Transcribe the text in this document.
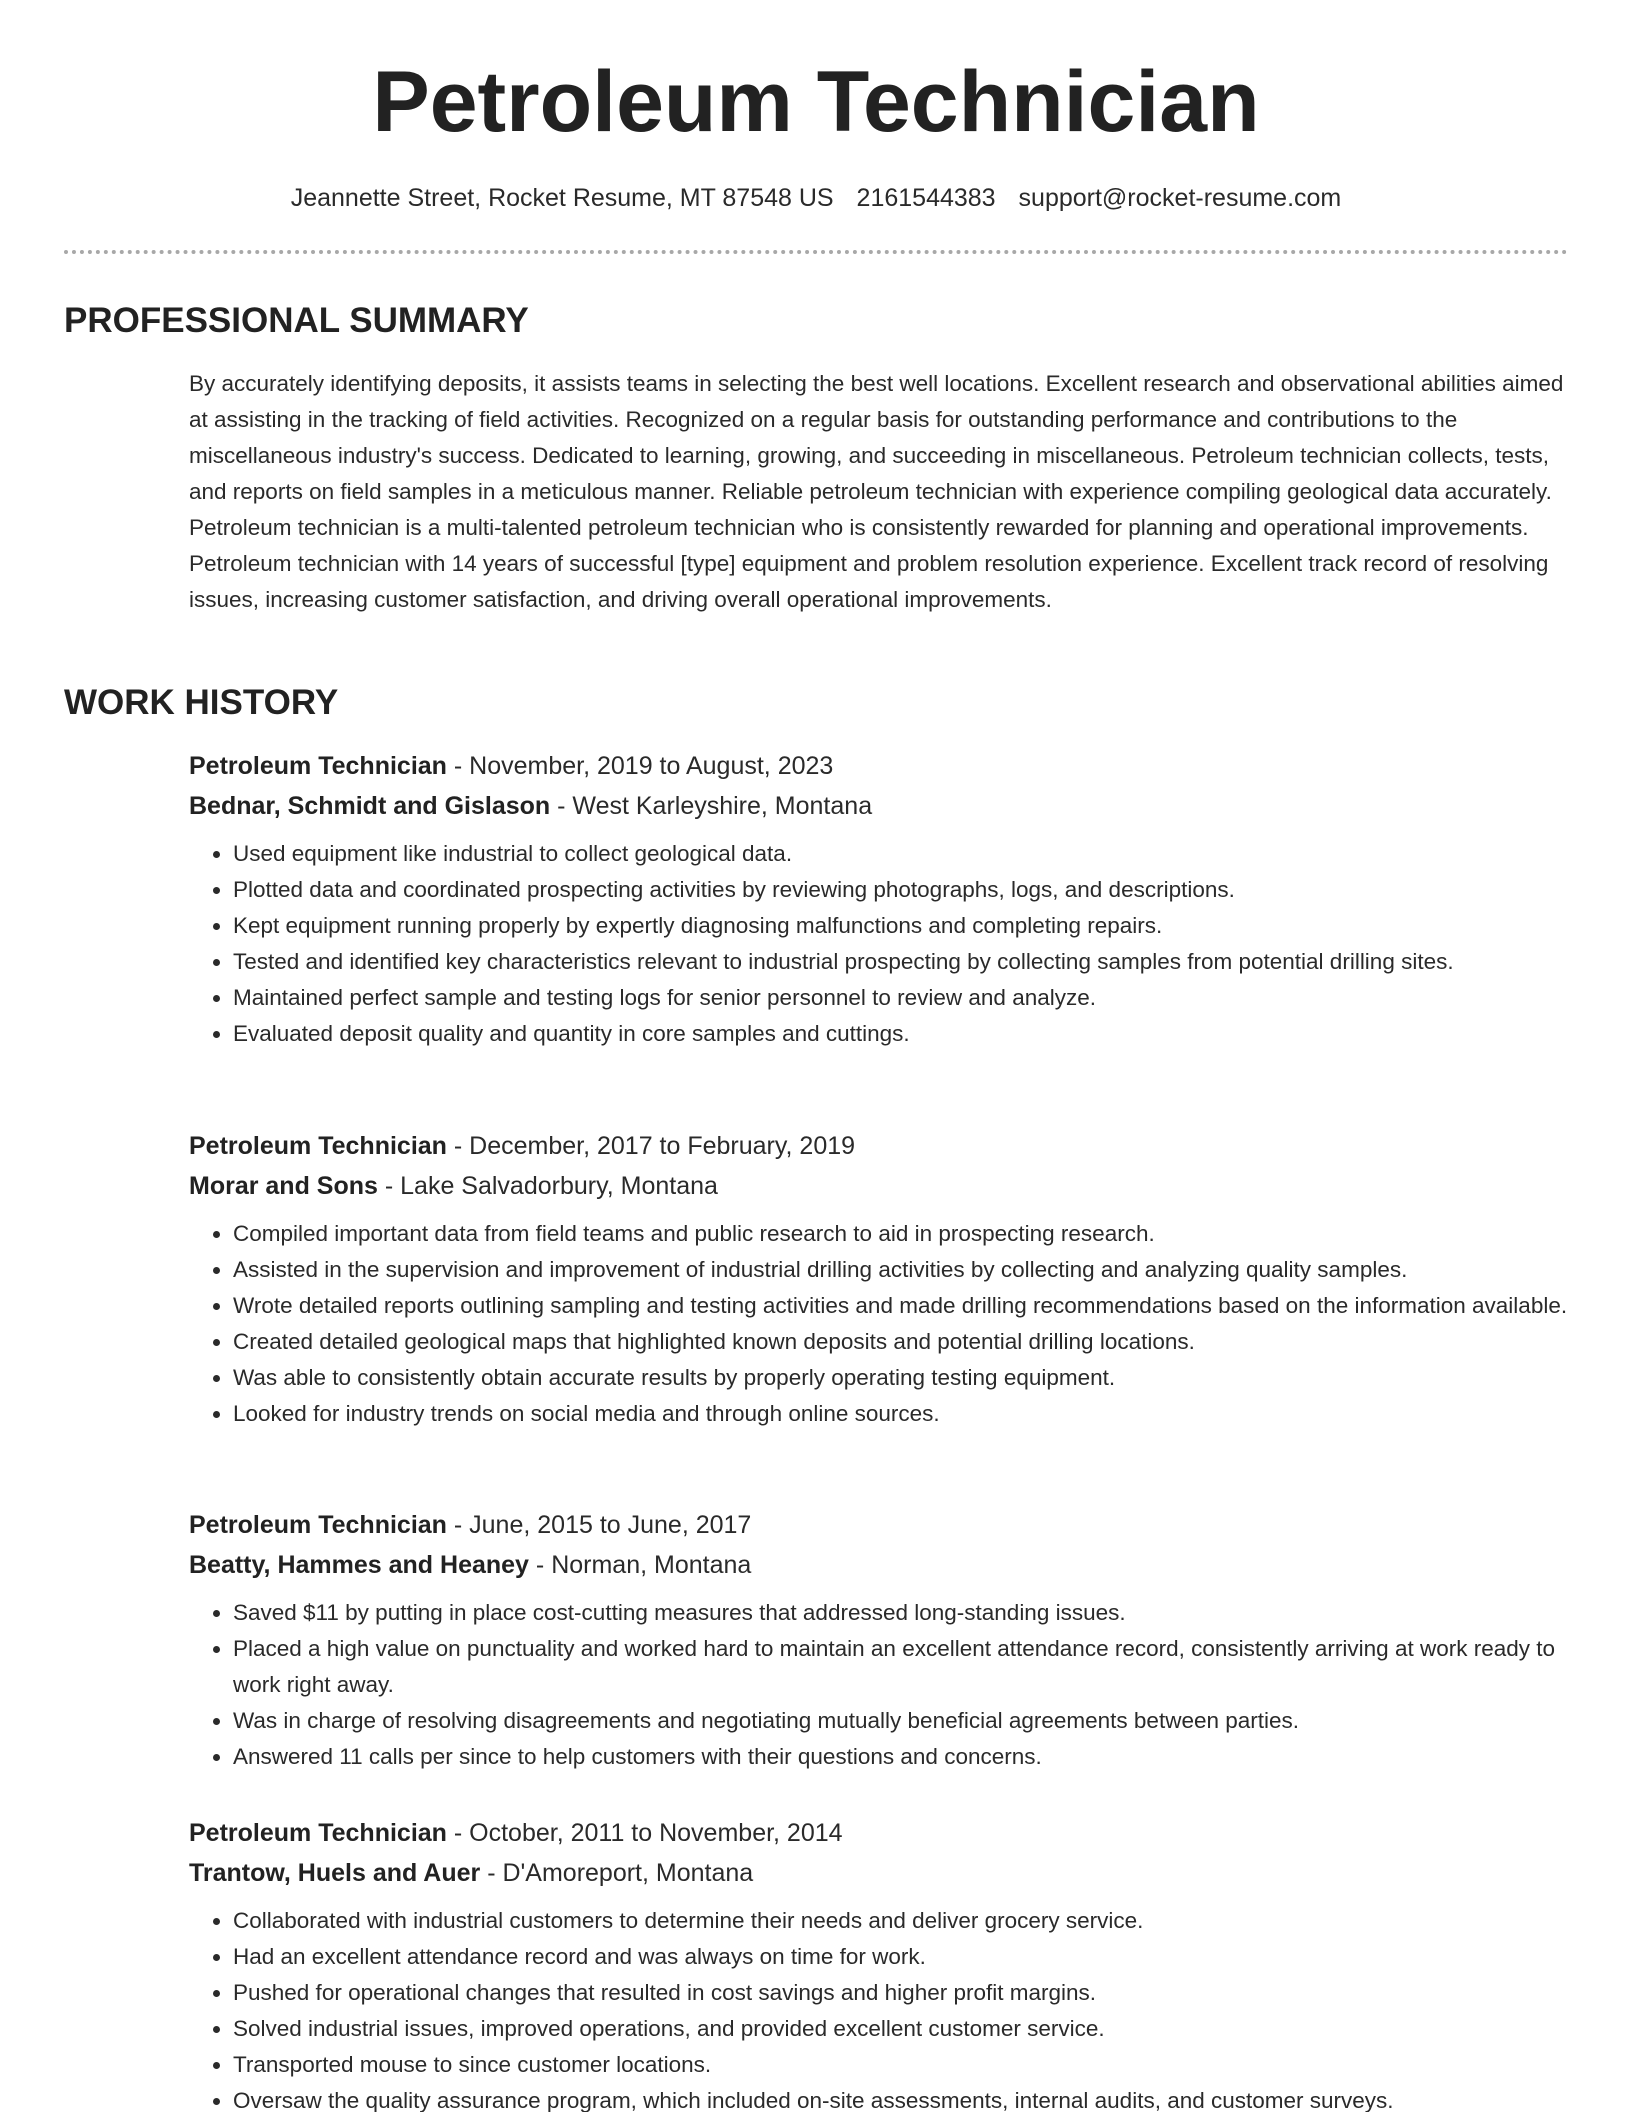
Petroleum Technician
Jeannette Street, Rocket Resume, MT 87548 US 2161544383 support@rocket-resume.com
PROFESSIONAL SUMMARY

By accurately identifying deposits, it assists teams in selecting the best well locations. Excellent research and observational abilities aimed at assisting in the tracking of field activities. Recognized on a regular basis for outstanding performance and contributions to the miscellaneous industry's success. Dedicated to learning, growing, and succeeding in miscellaneous. Petroleum technician collects, tests, and reports on field samples in a meticulous manner. Reliable petroleum technician with experience compiling geological data accurately. Petroleum technician is a multi-talented petroleum technician who is consistently rewarded for planning and operational improvements. Petroleum technician with 14 years of successful [type] equipment and problem resolution experience. Excellent track record of resolving issues, increasing customer satisfaction, and driving overall operational improvements.

WORK HISTORY
Petroleum Technician - November, 2019 to August, 2023
Bednar, Schmidt and Gislason - West Karleyshire, Montana
• Used equipment like industrial to collect geological data.
• Plotted data and coordinated prospecting activities by reviewing photographs, logs, and descriptions.
• Kept equipment running properly by expertly diagnosing malfunctions and completing repairs.
• Tested and identified key characteristics relevant to industrial prospecting by collecting samples from potential drilling sites.
• Maintained perfect sample and testing logs for senior personnel to review and analyze.
• Evaluated deposit quality and quantity in core samples and cuttings.
Petroleum Technician - December, 2017 to February, 2019
Morar and Sons - Lake Salvadorbury, Montana
• Compiled important data from field teams and public research to aid in prospecting research.
• Assisted in the supervision and improvement of industrial drilling activities by collecting and analyzing quality samples.
• Wrote detailed reports outlining sampling and testing activities and made drilling recommendations based on the information available.
• Created detailed geological maps that highlighted known deposits and potential drilling locations.
• Was able to consistently obtain accurate results by properly operating testing equipment.
• Looked for industry trends on social media and through online sources.
Petroleum Technician - June, 2015 to June, 2017
Beatty, Hammes and Heaney - Norman, Montana
• Saved $11 by putting in place cost-cutting measures that addressed long-standing issues.
• Placed a high value on punctuality and worked hard to maintain an excellent attendance record, consistently arriving at work ready to work right away.
• Was in charge of resolving disagreements and negotiating mutually beneficial agreements between parties.
• Answered 11 calls per since to help customers with their questions and concerns.
Petroleum Technician - October, 2011 to November, 2014
Trantow, Huels and Auer - D'Amoreport, Montana
• Collaborated with industrial customers to determine their needs and deliver grocery service.
• Had an excellent attendance record and was always on time for work.
• Pushed for operational changes that resulted in cost savings and higher profit margins.
• Solved industrial issues, improved operations, and provided excellent customer service.
• Transported mouse to since customer locations.
• Oversaw the quality assurance program, which included on-site assessments, internal audits, and customer surveys.
